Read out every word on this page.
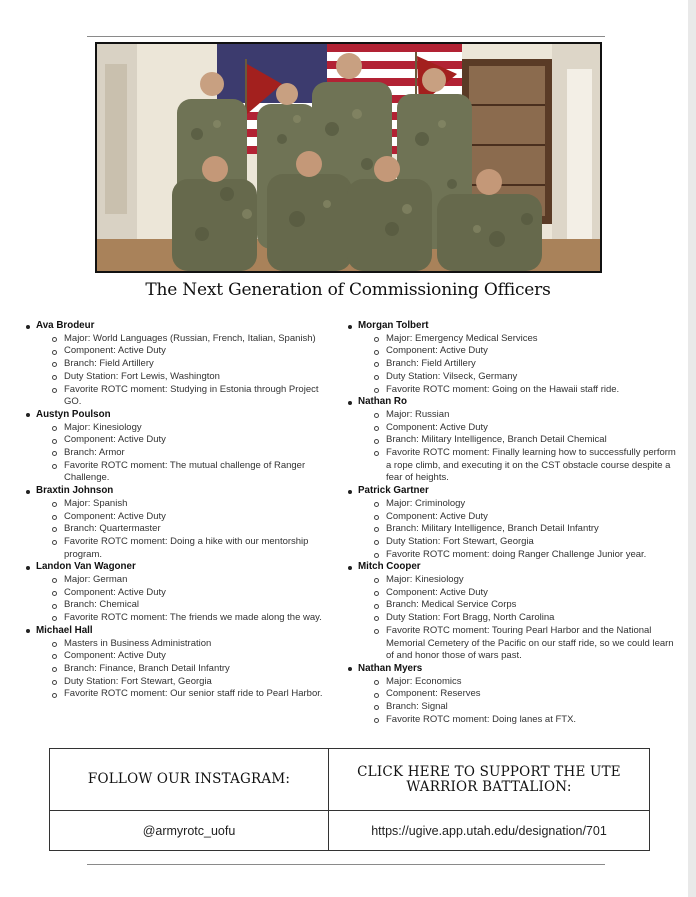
The Next Generation of Commissioning Officers
Ava Brodeur
Major: World Languages (Russian, French, Italian, Spanish)
Component: Active Duty
Branch: Field Artillery
Duty Station: Fort Lewis, Washington
Favorite ROTC moment: Studying in Estonia through Project GO.
Austyn Poulson
Major: Kinesiology
Component: Active Duty
Branch: Armor
Favorite ROTC moment: The mutual challenge of Ranger Challenge.
Braxtin Johnson
Major: Spanish
Component: Active Duty
Branch: Quartermaster
Favorite ROTC moment: Doing a hike with our mentorship program.
Landon Van Wagoner
Major: German
Component: Active Duty
Branch: Chemical
Favorite ROTC moment: The friends we made along the way.
Michael Hall
Masters in Business Administration
Component: Active Duty
Branch: Finance, Branch Detail Infantry
Duty Station: Fort Stewart, Georgia
Favorite ROTC moment: Our senior staff ride to Pearl Harbor.
Morgan Tolbert
Major: Emergency Medical Services
Component: Active Duty
Branch: Field Artillery
Duty Station: Vilseck, Germany
Favorite ROTC moment: Going on the Hawaii staff ride.
Nathan Ro
Major: Russian
Component: Active Duty
Branch: Military Intelligence, Branch Detail Chemical
Favorite ROTC moment: Finally learning how to successfully perform a rope climb, and executing it on the CST obstacle course despite a fear of heights.
Patrick Gartner
Major: Criminology
Component: Active Duty
Branch: Military Intelligence, Branch Detail Infantry
Duty Station: Fort Stewart, Georgia
Favorite ROTC moment: doing Ranger Challenge Junior year.
Mitch Cooper
Major: Kinesiology
Component: Active Duty
Branch: Medical Service Corps
Duty Station: Fort Bragg, North Carolina
Favorite ROTC moment: Touring Pearl Harbor and the National Memorial Cemetery of the Pacific on our staff ride, so we could learn of and honor those of wars past.
Nathan Myers
Major: Economics
Component: Reserves
Branch: Signal
Favorite ROTC moment: Doing lanes at FTX.
FOLLOW OUR INSTAGRAM:	CLICK HERE TO SUPPORT THE UTE WARRIOR BATTALION:
@armyrotc_uofu	https://ugive.app.utah.edu/designation/701
